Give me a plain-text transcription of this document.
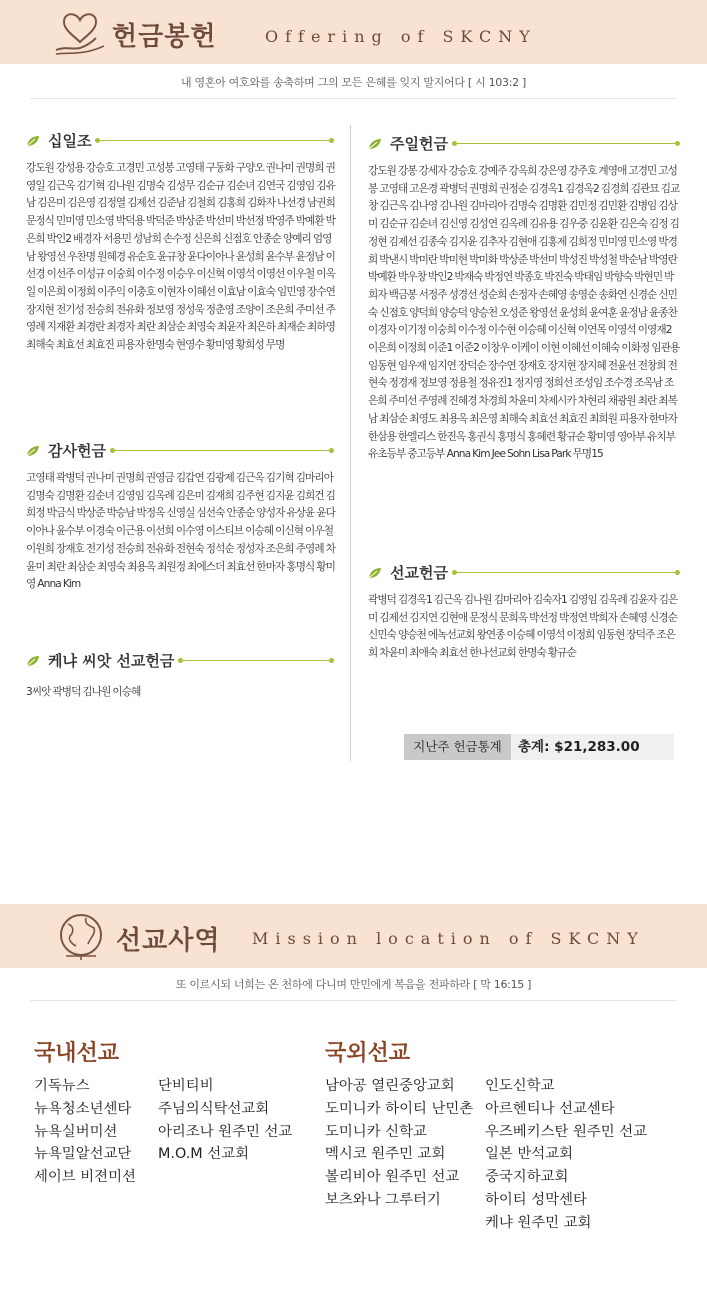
헌금봉헌	Offering of SKCNY
내 영혼아 여호와를 송축하며 그의 모든 은혜를 잊지 말지어다 [ 시 103:2 ]
십일조
강도원 강성용 강승호 고경민 고성봉 고영태 구동화 구양오 권나미 권명희 권영일 김근옥 김기혁 김나원 김명숙 김성무 김순규 김순녀 김연국 김영임 김유남 김은미 김은영 김정열 김제선 김준남 김철희 김홍희 김화자 나선경 남권희 문정식 민미영 민소영 박덕용 박덕준 박상준 박선미 박선정 박영주 박예환 박은희 박인2 배경자 서용민 성남희 손수정 신은희 신점호 안종순 양예리 엄영남 왕영선 우찬명 원혜경 유순호 윤규창 윤다이아나 윤성희 윤수부 윤정남 이선경 이선주 이성규 이숭희 이수정 이승우 이신혁 이영석 이영선 이우철 이옥일 이은희 이정희 이주익 이충호 이현자 이혜선 이효남 이효숙 임민영 장수연 장지현 전기성 전승희 전유화 정보영 정성욱 정춘영 조양이 조은희 주미선 주영례 지재환 최경란 최경자 최란 최삼순 최영숙 최윤자 최은하 최재순 최하영 최해숙 최효선 최효진 피용자 한명숙 현영수 황미영 황희성 무명
감사헌금
고영태 곽병덕 권나미 권명희 권영금 김갑연 김광제 김근옥 김기혁 김마리아 김명숙 김명환 김순녀 김영임 김옥례 김은미 김재희 김주현 김지윤 김희건 김희정 박금식 박상준 박승남 박정옥 신영실 심선숙 안종순 양성자 유상윤 윤다이아나 윤수부 이경숙 이근용 이선희 이수영 이스티브 이승혜 이신혁 이우철 이원희 장재호 전기성 전승희 전유화 전현숙 정석순 정성자 조은희 주영례 차윤미 최란 최삼순 최영숙 최용옥 최원정 최에스더 최효선 한마자 홍명식 황미영 Anna Kim
케냐 씨앗 선교헌금
3씨앗 곽병덕 김나원 이승혜
주일헌금
강도원 강봉 강세자 강승호 강예주 강옥희 강은영 강주호 계영애 고경민 고성봉 고영태 고은경 곽병덕 권명희 권정순 김경옥1 김경옥2 김경희 김관묘 김교창 김근옥 김나영 김나원 김마리아 김명숙 김명환 김민정 김민환 김병임 김상미 김순규 김순녀 김신영 김성연 김옥례 김유용 김우중 김윤환 김은숙 김정 김정현 김제선 김종숙 김지윤 김추자 김현애 김홍제 김희정 민미영 민소영 박경희 박낸시 박미란 박미현 박미화 박상준 박선미 박성진 박성철 박순남 박영란 박예환 박우창 박인2 박재숙 박정연 박종호 박진숙 박태임 박향숙 박현민 박희자 백금봉 서정주 성경선 성순희 손정자 손혜영 송영순 송화연 신경순 신민숙 신점호 양덕희 양승덕 양승천 오성준 왕영선 윤성희 윤여훈 윤정남 윤종찬 이경자 이기정 이숭희 이수정 이수현 이승혜 이신혁 이연목 이영석 이영재2 이은희 이정희 이준1 이준2 이창우 이케이 이현 이혜선 이혜숙 이화정 임관용 임동현 임우재 임지연 장덕순 장수연 장재호 장지현 장지혜 전윤선 전창희 전현숙 정경재 정보영 정용철 정유진1 정지영 정희선 조성임 조수경 조옥남 조은희 주미선 주영례 진혜경 차경희 차윤미 차제시카 차현리 채광원 최란 최복남 최삼순 최영도 최용옥 최은영 최해숙 최효선 최효진 최희원 피용자 한마자 한삼용 한엘리스 한진옥 홍권식 홍명식 홍혜련 황규순 황미영 영아부 유치부 유초등부 중고등부 Anna Kim Jee Sohn Lisa Park 무명15
선교헌금
곽병덕 김경옥1 김근옥 김나원 김마리아 김숙자1 김영임 김옥례 김윤자 김은미 김제선 김지연 김현애 문정식 문희옥 박선정 박정연 박희자 손혜영 신경순 신민숙 양승천 에녹선교회 왕연종 이승혜 이영석 이정희 임동현 장덕주 조은희 차윤미 최애숙 최효선 한나선교회 한명숙 황규순
지난주 헌금통계	총계: $21,283.00
선교사역 Mission location of SKCNY
또 이르시되 너희는 온 천하에 다니며 만민에게 복음을 전파하라 [ 막 16:15 ]
국내선교
기독뉴스
뉴욕청소년센타
뉴욕실버미션
뉴욕밀알선교단
세이브 비젼미션
단비티비
주님의식탁선교회
아리조나 원주민 선교
M.O.M 선교회
국외선교
남아공 열린중앙교회
도미니카 하이티 난민촌
도미니카 신학교
멕시코 원주민 교회
볼리비아 원주민 선교
보츠와나 그루터기
인도신학교
아르헨티나 선교센타
우즈베키스탄 원주민 선교
일본 반석교회
중국지하교회
하이티 성막센타
케냐 원주민 교회
